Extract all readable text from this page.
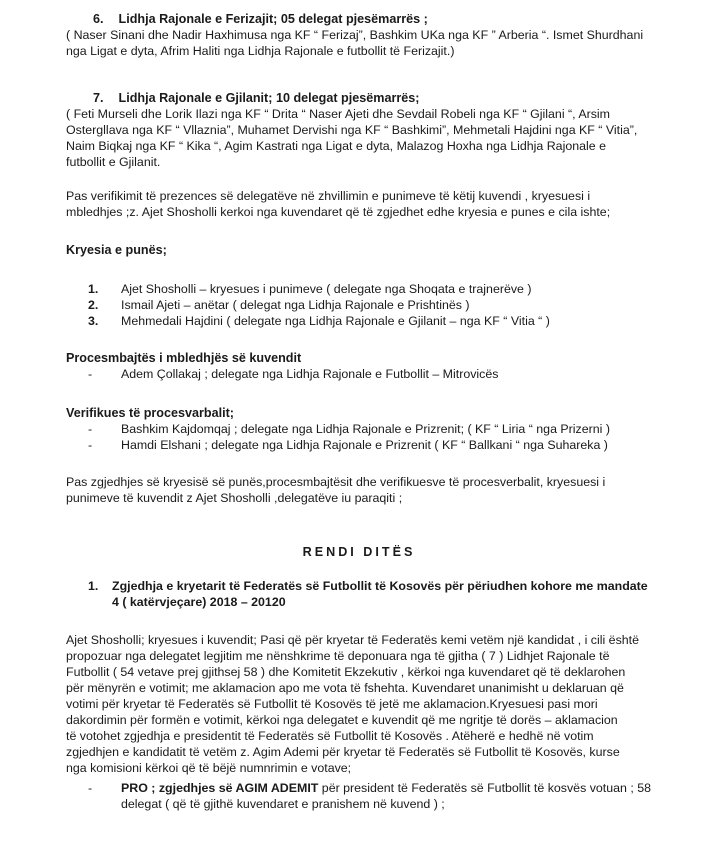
6. Lidhja Rajonale e Ferizajit; 05 delegat pjesëmarrës ;
( Naser Sinani dhe Nadir Haxhimusa nga KF “ Ferizaj”, Bashkim UKa nga KF ” Arberia “. Ismet Shurdhani
nga Ligat e dyta, Afrim Haliti nga Lidhja Rajonale e futbollit të Ferizajit.)
7. Lidhja Rajonale e Gjilanit; 10 delegat pjesëmarrës;
( Feti Murseli dhe Lorik Ilazi nga KF “ Drita “ Naser Ajeti dhe Sevdail Robeli nga KF “ Gjilani “, Arsim
Ostergllava nga KF “ Vllaznia”, Muhamet Dervishi nga KF “ Bashkimi”, Mehmetali Hajdini nga KF “ Vitia”,
Naim Biqkaj nga KF “ Kika “, Agim Kastrati nga Ligat e dyta, Malazog Hoxha nga Lidhja Rajonale e
futbollit e Gjilanit.
Pas verifikimit të prezences së delegatëve në zhvillimin e punimeve të këtij kuvendi , kryesuesi i
mbledhjes ;z. Ajet Shosholli kerkoi nga kuvendaret që të zgjedhet edhe kryesia e punes e cila ishte;
Kryesia e punës;
1. Ajet Shosholli – kryesues i punimeve ( delegate nga Shoqata e trajnerëve )
2. Ismail Ajeti – anëtar ( delegat nga Lidhja Rajonale e Prishtinës )
3. Mehmedali Hajdini ( delegate nga Lidhja Rajonale e Gjilanit – nga KF “ Vitia “ )
Procesmbajtës i mbledhjës së kuvendit
- Adem Çollakaj ; delegate nga Lidhja Rajonale e Futbollit – Mitrovicës
Verifikues të procesvarbalit;
- Bashkim Kajdomqaj ; delegate nga Lidhja Rajonale e Prizrenit; ( KF “ Liria “ nga Prizerni )
- Hamdi Elshani ; delegate nga Lidhja Rajonale e Prizrenit ( KF “ Ballkani “ nga Suhareka )
Pas zgjedhjes së kryesisë së punës,procesmbajtësit dhe verifikuesve të procesverbalit, kryesuesi i
punimeve të kuvendit z Ajet Shosholli ,delegatëve iu paraqiti ;
RENDI DITËS
1. Zgjedhja e kryetarit të Federatës së Futbollit të Kosovës për përiudhen kohore me mandate
4 ( katërvjeçare) 2018 – 20120
Ajet Shosholli; kryesues i kuvendit; Pasi që për kryetar të Federatës kemi vetëm një kandidat , i cili është
propozuar nga delegatet legjitim me nënshkrime të deponuara nga të gjitha ( 7 ) Lidhjet Rajonale të
Futbollit ( 54 vetave prej gjithsej 58 ) dhe Komitetit Ekzekutiv , kërkoi nga kuvendaret që të deklarohen
për mënyrën e votimit; me aklamacion apo me vota të fshehta. Kuvendaret unanimisht u deklaruan që
votimi për kryetar të Federatës së Futbollit të Kosovës të jetë me aklamacion.Kryesuesi pasi mori
dakordimin për formën e votimit, kërkoi nga delegatet e kuvendit që me ngritje të dorës – aklamacion
të votohet zgjedhja e presidentit të Federatës së Futbollit të Kosovës . Atëherë e hedhë në votim
zgjedhjen e kandidatit të vetëm z. Agim Ademi për kryetar të Federatës së Futbollit të Kosovës, kurse
nga komisioni kërkoi që të bëjë numnrimin e votave;
- PRO ; zgjedhjes së AGIM ADEMIT për president të Federatës së Futbollit të kosvës votuan ; 58
delegat ( që të gjithë kuvendaret e pranishem në kuvend ) ;
